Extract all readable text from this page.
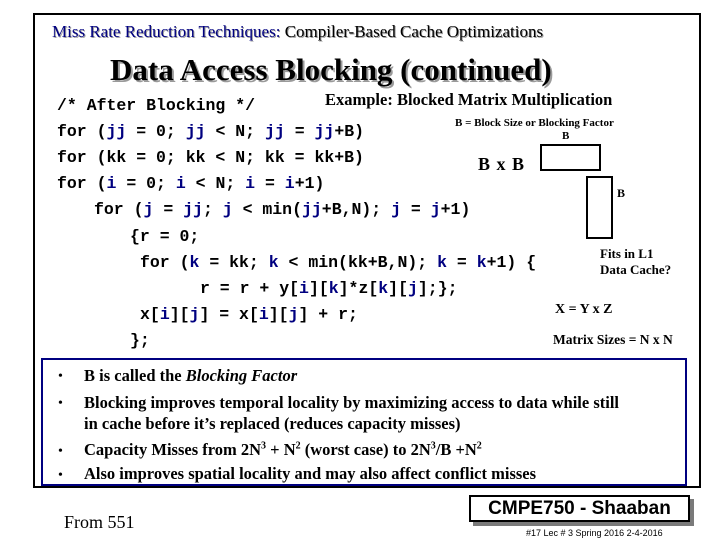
Miss Rate Reduction Techniques: Compiler-Based Cache Optimizations
Data Access Blocking (continued)
Example: Blocked Matrix Multiplication
/* After Blocking */
for (jj = 0; jj < N; jj = jj+B)
for (kk = 0; kk < N; kk = kk+B)
for (i = 0; i < N; i = i+1)
for (j = jj; j < min(jj+B,N); j = j+1)
{r = 0;
for (k = kk; k < min(kk+B,N); k = k+1) {
r = r + y[i][k]*z[k][j];};
x[i][j] = x[i][j] + r;
};
B = Block Size or Blocking Factor
B
B x B
B
Fits in L1
Data Cache?
X = Y x Z
Matrix Sizes = N x N
• B is called the Blocking Factor
• Blocking improves temporal locality by maximizing access to data while still
in cache before it’s replaced (reduces capacity misses)
• Capacity Misses from $2N^3 + N^2$ (worst case) to $2N^3/B +N^2$
• Also improves spatial locality and may also affect conflict misses
From 551
CMPE750 - Shaaban
#17 Lec # 3 Spring 2016 2-4-2016
